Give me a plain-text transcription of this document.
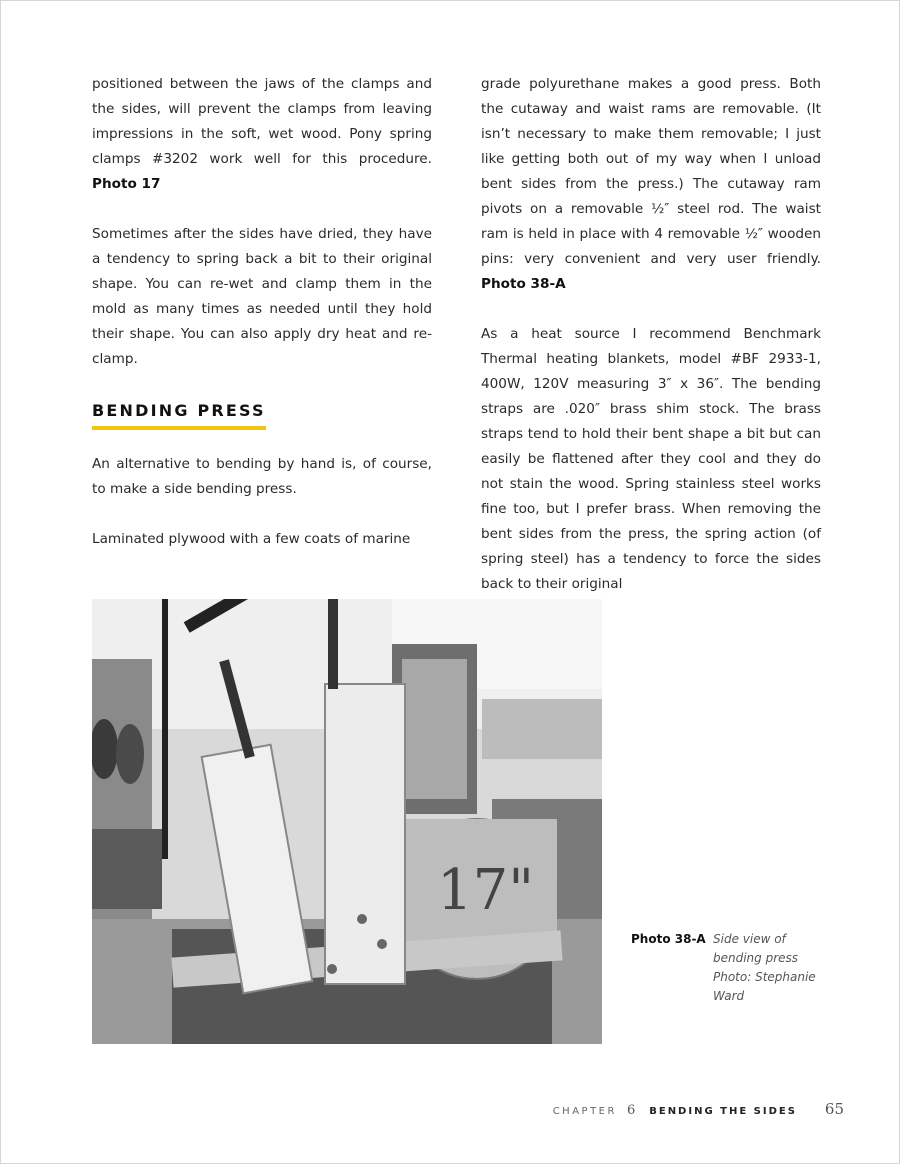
positioned between the jaws of the clamps and the sides, will prevent the clamps from leaving impressions in the soft, wet wood. Pony spring clamps #3202 work well for this procedure. Photo 17

Sometimes after the sides have dried, they have a tendency to spring back a bit to their original shape. You can re-wet and clamp them in the mold as many times as needed until they hold their shape. You can also apply dry heat and re-clamp.

BENDING PRESS

An alternative to bending by hand is, of course, to make a side bending press.

Laminated plywood with a few coats of marine

grade polyurethane makes a good press. Both the cutaway and waist rams are removable. (It isn’t necessary to make them removable; I just like getting both out of my way when I unload bent sides from the press.) The cutaway ram pivots on a removable ½″ steel rod. The waist ram is held in place with 4 removable ½″ wooden pins: very convenient and very user friendly. Photo 38-A

As a heat source I recommend Benchmark Thermal heating blankets, model #BF 2933-1, 400W, 120V measuring 3″ x 36″. The bending straps are .020″ brass shim stock. The brass straps tend to hold their bent shape a bit but can easily be flattened after they cool and they do not stain the wood. Spring stainless steel works fine too, but I prefer brass. When removing the bent sides from the press, the spring action (of spring steel) has a tendency to force the sides back to their original

17"
Photo 38-A Side view of bending press
Photo: Stephanie Ward
CHAPTER 6 BENDING THE SIDES 65
